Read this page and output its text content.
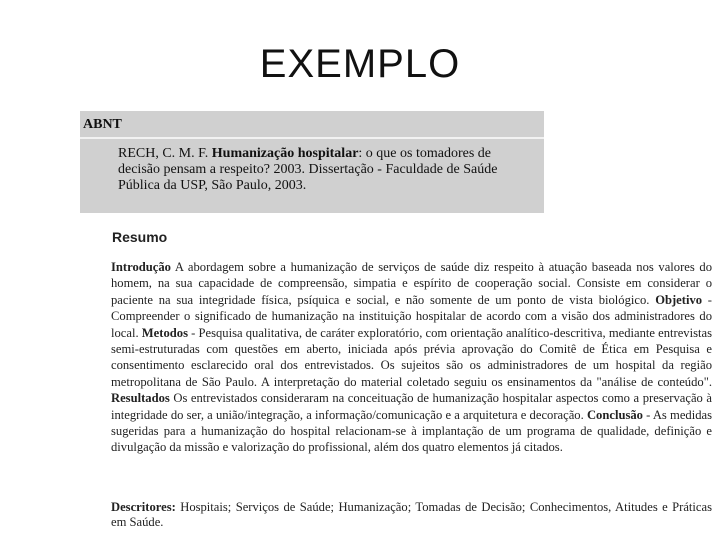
EXEMPLO
ABNT
RECH, C. M. F. Humanização hospitalar: o que os tomadores de decisão pensam a respeito? 2003. Dissertação - Faculdade de Saúde Pública da USP, São Paulo, 2003.
Resumo
Introdução A abordagem sobre a humanização de serviços de saúde diz respeito à atuação baseada nos valores do homem, na sua capacidade de compreensão, simpatia e espírito de cooperação social. Consiste em considerar o paciente na sua integridade física, psíquica e social, e não somente de um ponto de vista biológico. Objetivo - Compreender o significado de humanização na instituição hospitalar de acordo com a visão dos administradores do local. Metodos - Pesquisa qualitativa, de caráter exploratório, com orientação analítico-descritiva, mediante entrevistas semi-estruturadas com questões em aberto, iniciada após prévia aprovação do Comitê de Ética em Pesquisa e consentimento esclarecido oral dos entrevistados. Os sujeitos são os administradores de um hospital da região metropolitana de São Paulo. A interpretação do material coletado seguiu os ensinamentos da "análise de conteúdo". Resultados Os entrevistados consideraram na conceituação de humanização hospitalar aspectos como a preservação à integridade do ser, a união/integração, a informação/comunicação e a arquitetura e decoração. Conclusão - As medidas sugeridas para a humanização do hospital relacionam-se à implantação de um programa de qualidade, definição e divulgação da missão e valorização do profissional, além dos quatro elementos já citados.
Descritores: Hospitais; Serviços de Saúde; Humanização; Tomadas de Decisão; Conhecimentos, Atitudes e Práticas em Saúde.
